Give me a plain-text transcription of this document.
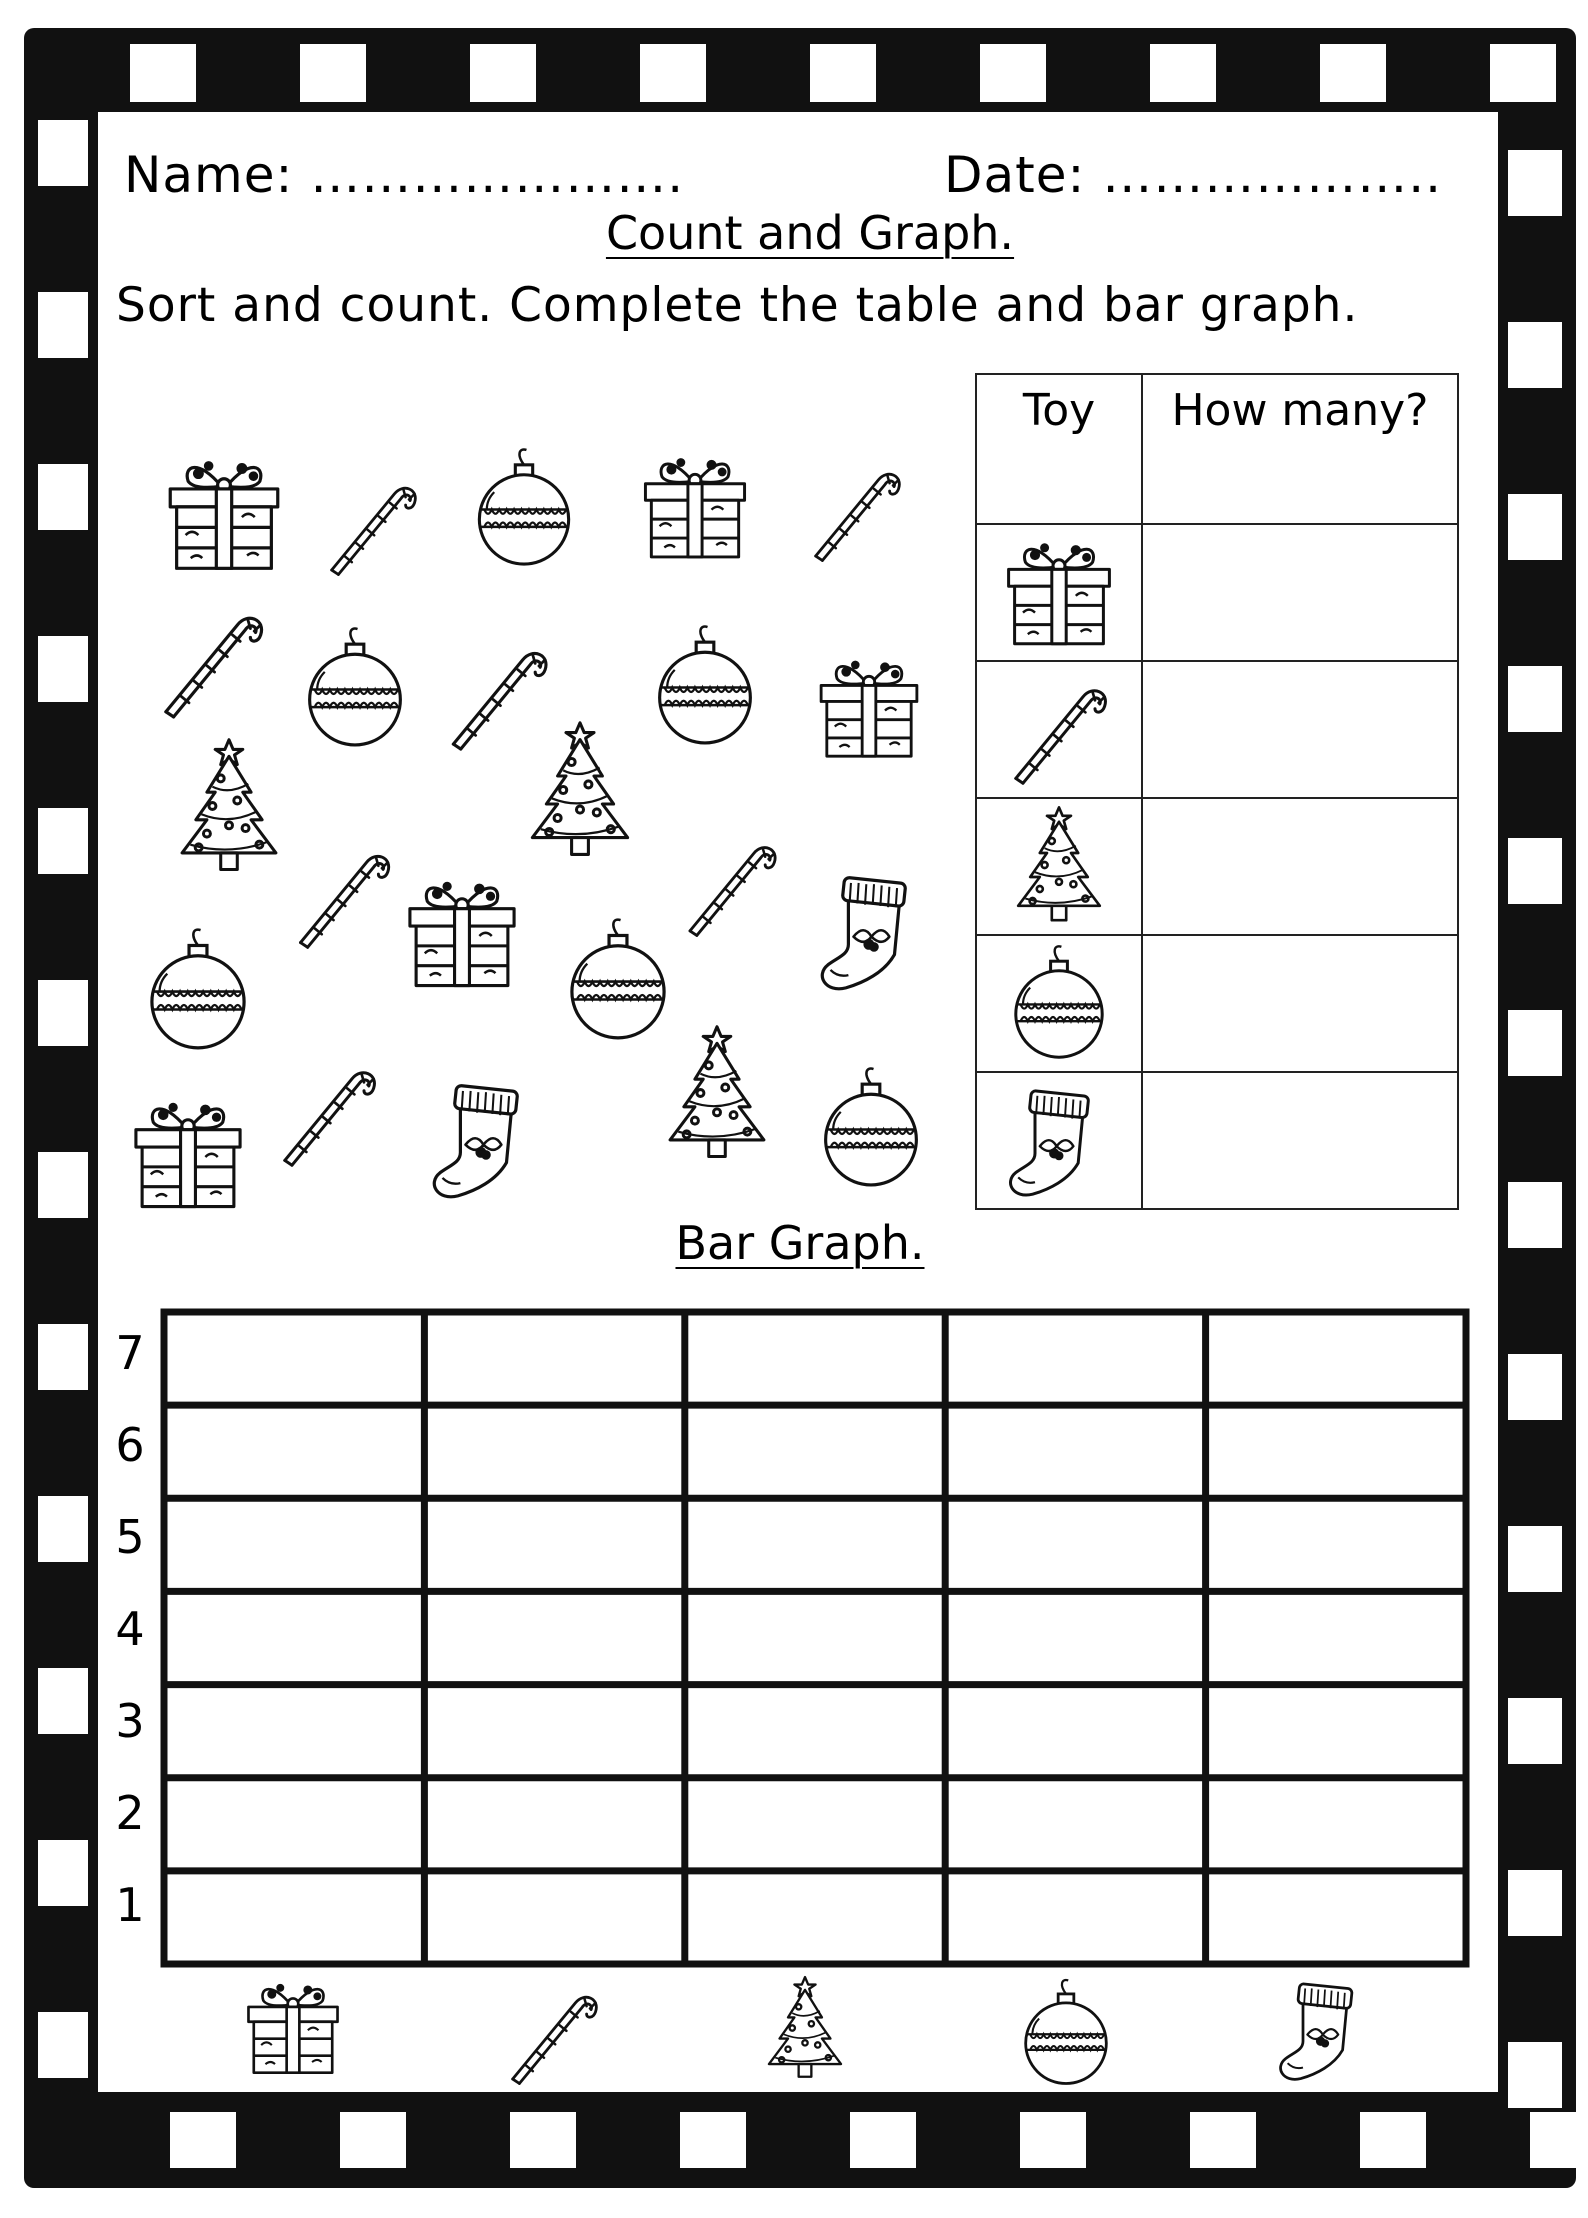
Name: ………………….	Date: ………………..
Count and Graph.
Sort and count. Complete the table and bar graph.
Toy	How many?

Bar Graph.
7
6
5
4
3
2
1
